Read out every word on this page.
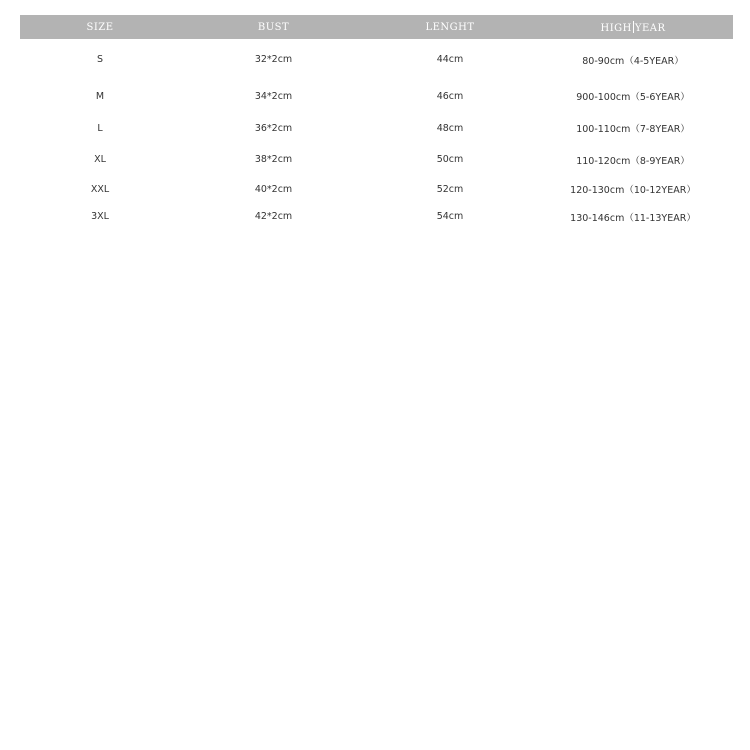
SIZE	BUST	LENGHT	HIGH YEAR
S	32*2cm	44cm	80-90cm（4-5YEAR）
M	34*2cm	46cm	900-100cm（5-6YEAR）
L	36*2cm	48cm	100-110cm（7-8YEAR）
XL	38*2cm	50cm	110-120cm（8-9YEAR）
XXL	40*2cm	52cm	120-130cm（10-12YEAR）
3XL	42*2cm	54cm	130-146cm（11-13YEAR）
